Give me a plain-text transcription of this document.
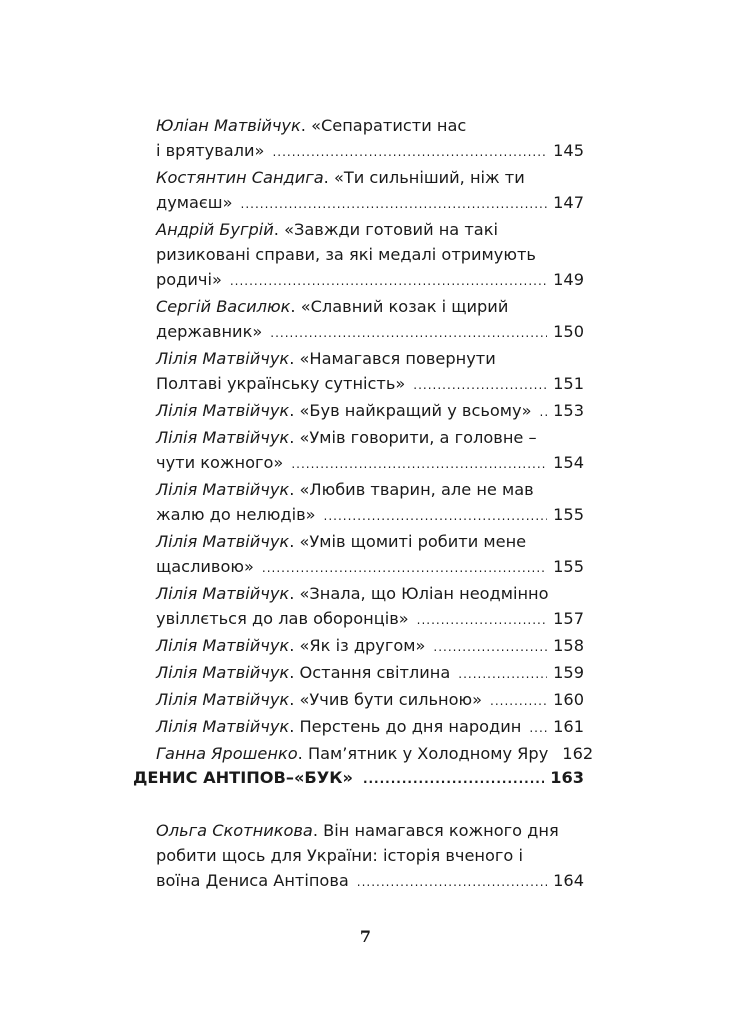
Юліан Матвійчук. «Сепаратисти нас
і врятували» .....	145
Костянтин Сандига. «Ти сильніший, ніж ти
думаєш» .....	147
Андрій Бугрій. «Завжди готовий на такі
ризиковані справи, за які медалі отримують
родичі» .....	149
Сергій Василюк. «Славний козак і щирий
державник» .....	150
Лілія Матвійчук. «Намагався повернути
Полтаві українську сутність» .....	151
Лілія Матвійчук. «Був найкращий у всьому» ..... 153
Лілія Матвійчук. «Умів говорити, а головне –
чути кожного» .....	154
Лілія Матвійчук. «Любив тварин, але не мав
жалю до нелюдів» .....	155
Лілія Матвійчук. «Умів щомиті робити мене
щасливою» .....	155
Лілія Матвійчук. «Знала, що Юліан неодмінно
увіллється до лав оборонців» .....	157
Лілія Матвійчук. «Як із другом» .....	158
Лілія Матвійчук. Остання світлина .....	159
Лілія Матвійчук. «Учив бути сильною» .....	160
Лілія Матвійчук. Перстень до дня народин ..... 161
Ганна Ярошенко. Пам’ятник у Холодному Яру 162
ДЕНИС АНТІПОВ–«БУК» .....	163
Ольга Скотникова. Він намагався кожного дня
робити щось для України: історія вченого і
воїна Дениса Антіпова .....	164
7
